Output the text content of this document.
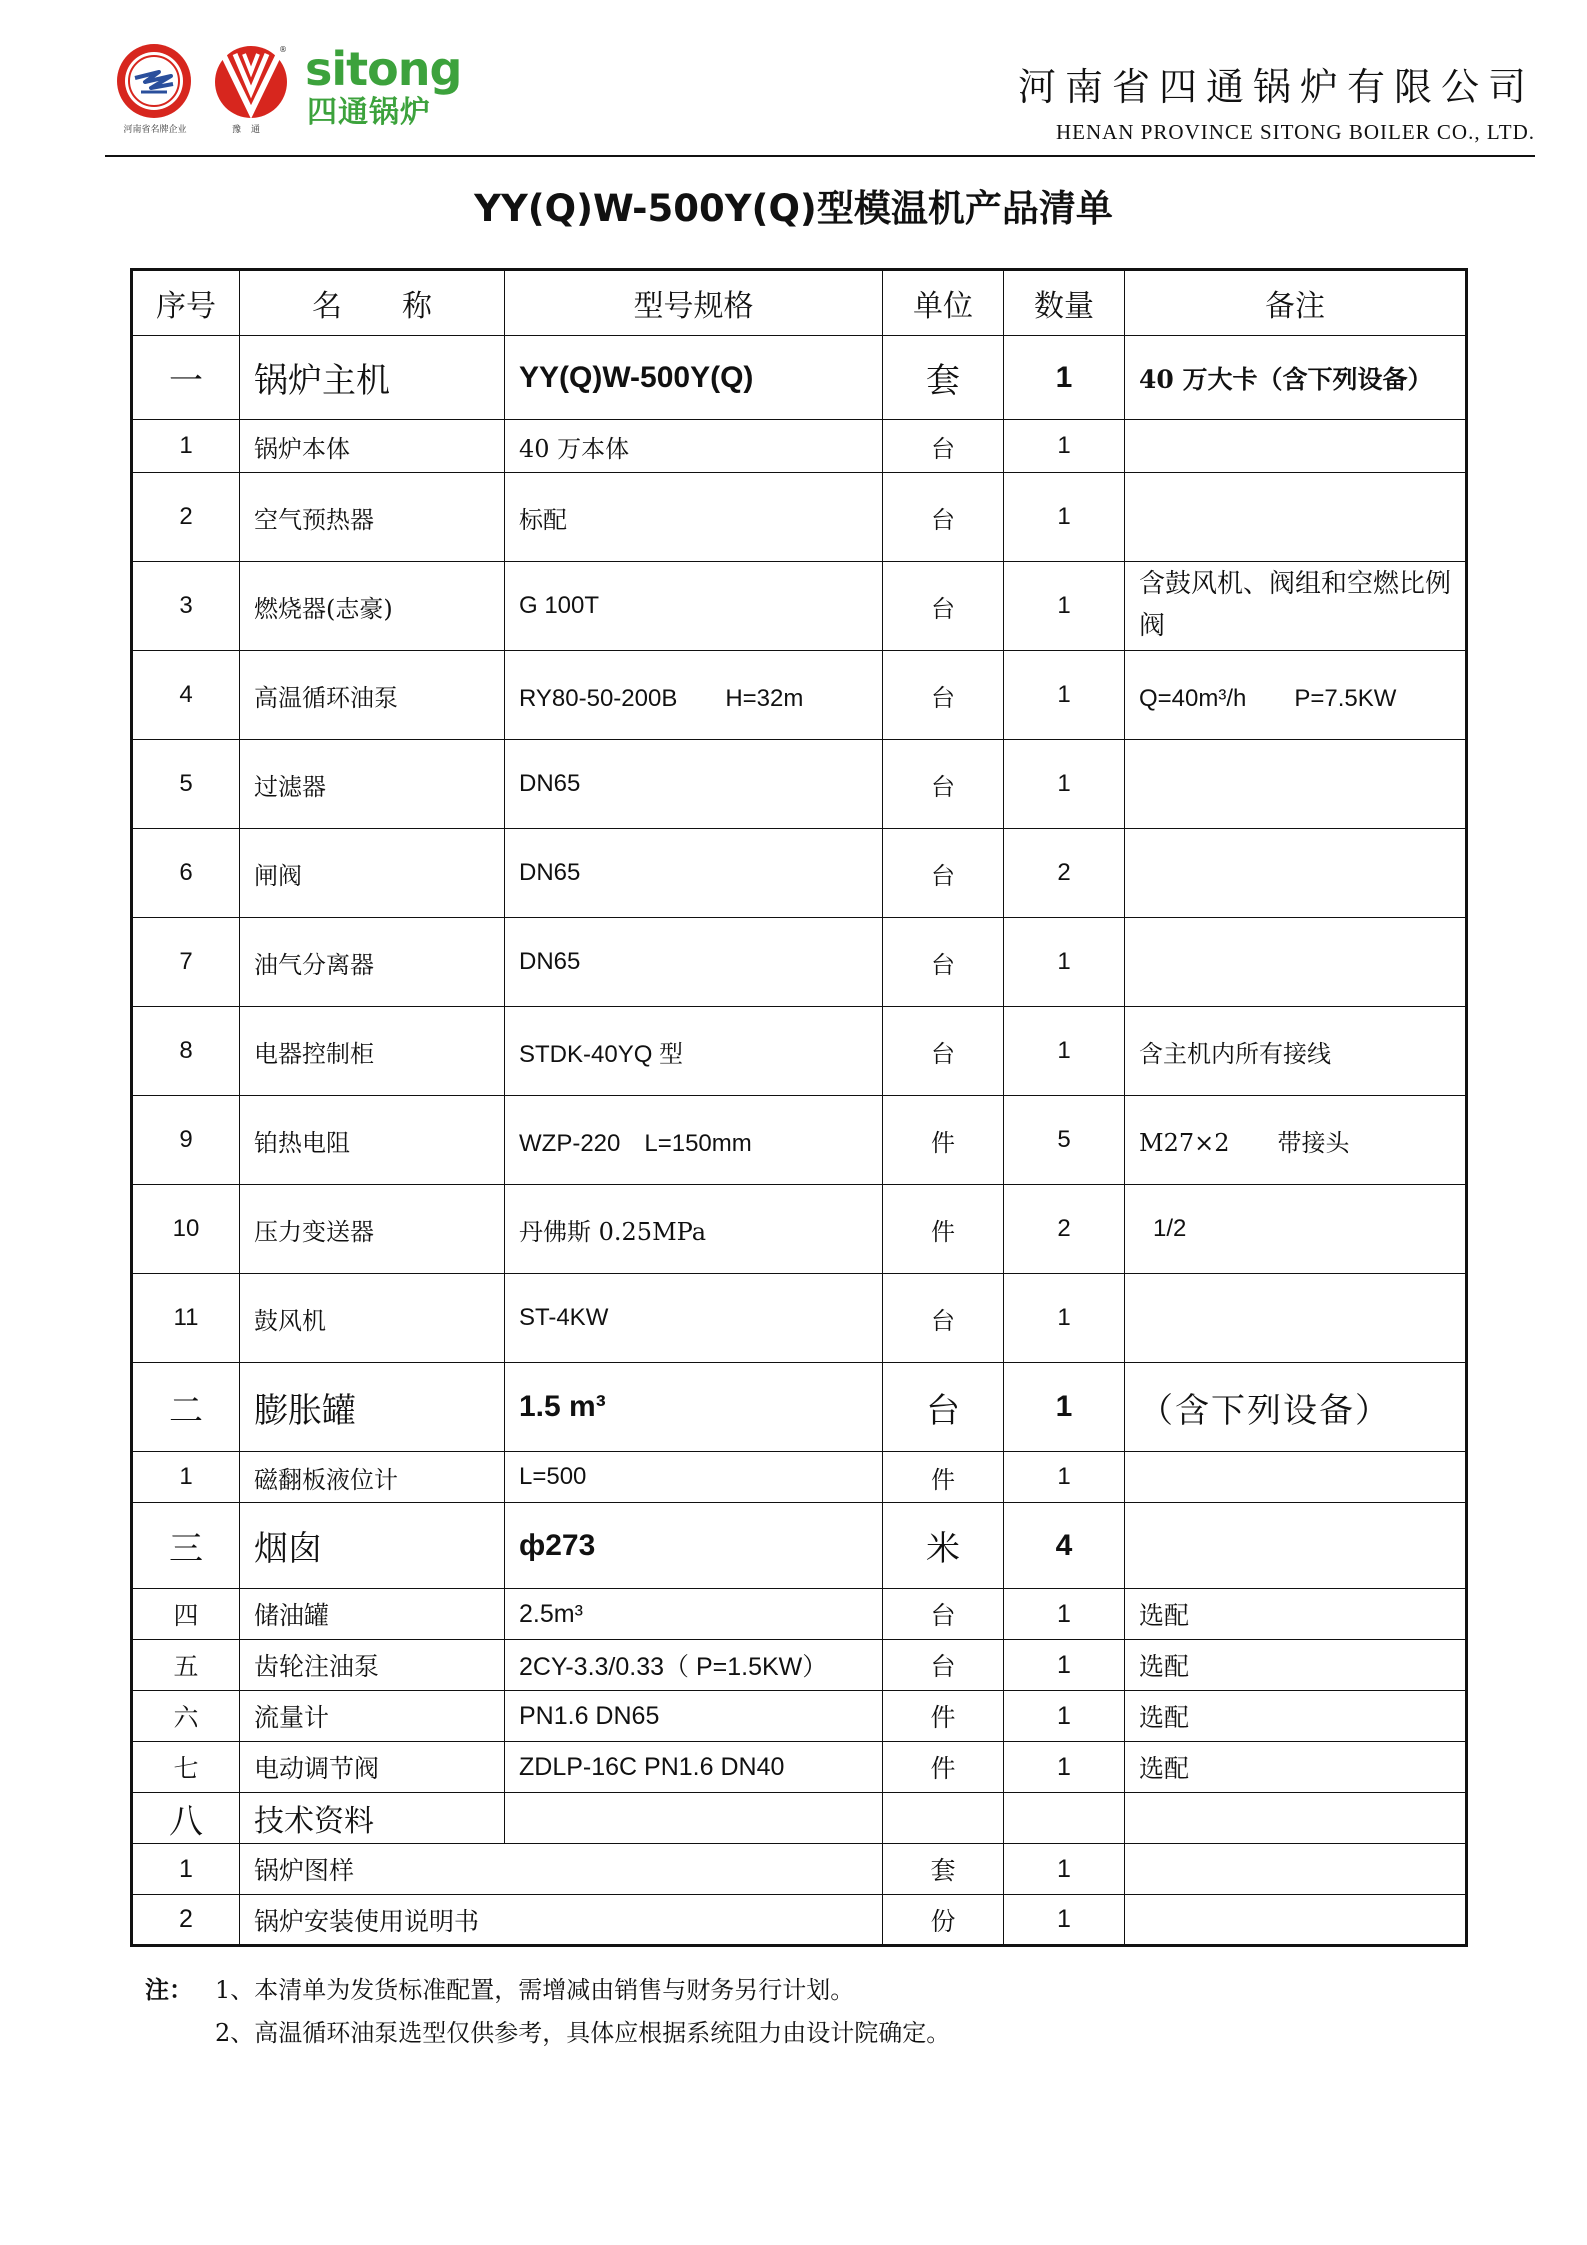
河南省名牌企业
®
豫通
sitong
四通锅炉
河南省四通锅炉有限公司
HENAN PROVINCE SITONG BOILER CO., LTD.
YY(Q)W-500Y(Q)型模温机产品清单
序号	名　　称	型号规格	单位	数量	备注
一	锅炉主机	YY(Q)W-500Y(Q)	套	1	40 万大卡（含下列设备）
1	锅炉本体	40 万本体	台	1	
2	空气预热器	标配	台	1	
3	燃烧器(志豪)	G 100T	台	1	含鼓风机、阀组和空燃比例阀
4	高温循环油泵	RY80-50-200B　　H=32m	台	1	Q=40m³/h　　P=7.5KW
5	过滤器	DN65	台	1	
6	闸阀	DN65	台	2	
7	油气分离器	DN65	台	1	
8	电器控制柜	STDK-40YQ 型	台	1	含主机内所有接线
9	铂热电阻	WZP-220　L=150mm	件	5	M27×2　　带接头
10	压力变送器	丹佛斯 0.25MPa	件	2	1/2
11	鼓风机	ST-4KW	台	1	
二	膨胀罐	1.5 m³	台	1	（含下列设备）
1	磁翻板液位计	L=500	件	1	
三	烟囱	ф273	米	4	
四	储油罐	2.5m³	台	1	选配
五	齿轮注油泵	2CY-3.3/0.33（ P=1.5KW）	台	1	选配
六	流量计	PN1.6 DN65	件	1	选配
七	电动调节阀	ZDLP-16C PN1.6 DN40	件	1	选配
八	技术资料				
1	锅炉图样		套	1	
2	锅炉安装使用说明书		份	1	
注： 1、本清单为发货标准配置，需增减由销售与财务另行计划。
2、高温循环油泵选型仅供参考，具体应根据系统阻力由设计院确定。
